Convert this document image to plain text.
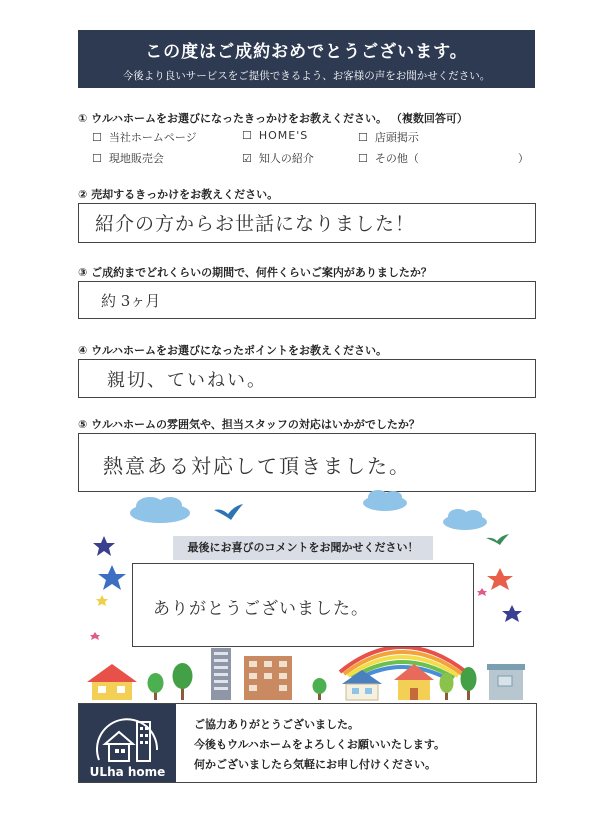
この度はご成約おめでとうございます。
今後より良いサービスをご提供できるよう、お客様の声をお聞かせください。
① ウルハホームをお選びになったきっかけをお教えください。 （複数回答可）
☐ 当社ホームページ	☐ HOME'S	☐ 店頭掲示
☐ 現地販売会	☑ 知人の紹介	☐ その他（　　　　　　　　　）
② 売却するきっかけをお教えください。
紹介の方からお世話になりました！
③ ご成約までどれくらいの期間で、何件くらいご案内がありましたか？
約 3ヶ月
④ ウルハホームをお選びになったポイントをお教えください。
親切、ていねい。
⑤ ウルハホームの雰囲気や、担当スタッフの対応はいかがでしたか？
熱意ある対応して頂きました。
最後にお喜びのコメントをお聞かせください！
ありがとうございました。
ULha home
ご協力ありがとうございました。
今後もウルハホームをよろしくお願いいたします。
何かございましたら気軽にお申し付けください。
